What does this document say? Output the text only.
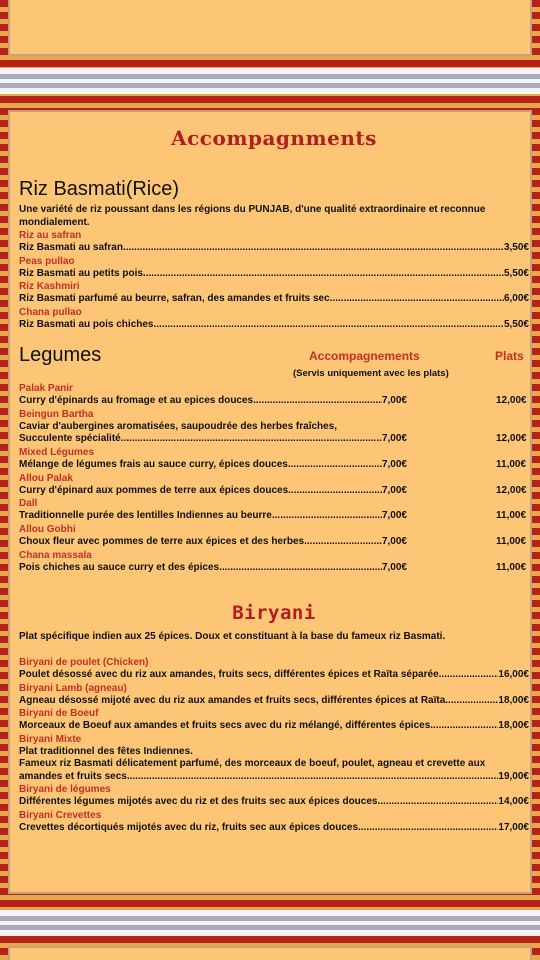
Accompagnments
Riz Basmati(Rice)
Une variété de riz poussant dans les régions du PUNJAB, d'une qualité extraordinaire et reconnue mondialement.
Riz au safran
Riz Basmati au safran .....	3,50€
Peas pullao
Riz Basmati au petits pois .....	5,50€
Riz Kashmiri
Riz Basmati parfumé au beurre, safran, des amandes et fruits sec .....	6,00€
Chana pullao
Riz Basmati au pois chiches .....	5,50€
Legumes	Accompagnements	Plats
(Servis uniquement avec les plats)
Palak Panir
Curry d'épinards au fromage et au epices douces .....	7,00€	12,00€
Beingun Bartha
Caviar d'aubergines aromatisées, saupoudrée des herbes fraîches,
Succulente spécialité .....	7,00€	12,00€
Mixed Légumes
Mélange de légumes frais au sauce curry, épices douces .....	7,00€	11,00€
Allou Palak
Curry d'épinard aux pommes de terre aux épices douces .....	7,00€	12,00€
Dall
Traditionnelle purée des lentilles Indiennes au beurre .....	7,00€	11,00€
Allou Gobhi
Choux fleur avec pommes de terre aux épices et des herbes .....	7,00€	11,00€
Chana massala
Pois chiches au sauce curry et des épices .....	7,00€	11,00€
Biryani
Plat spécifique indien aux 25 épices. Doux et constituant à la base du fameux riz Basmati.
Biryani de poulet (Chicken)
Poulet désossé avec du riz aux amandes, fruits secs, différentes épices et Raïta séparée .....	16,00€
Biryani Lamb (agneau)
Agneau désossé mijoté avec du riz aux amandes et fruits secs, différentes épices at Raïta .....	18,00€
Biryani de Boeuf
Morceaux de Boeuf aux amandes et fruits secs avec du riz mélangé, différentes épices .....	18,00€
Biryani Mixte
Plat traditionnel des fêtes Indiennes.
Fameux riz Basmati délicatement parfumé, des morceaux de boeuf, poulet, agneau et crevette aux
amandes et fruits secs .....	19,00€
Biryani de légumes
Différentes légumes mijotés avec du riz et des fruits sec aux épices douces .....	14,00€
Biryani Crevettes
Crevettes décortiqués mijotés avec du riz, fruits sec aux épices douces .....	17,00€
